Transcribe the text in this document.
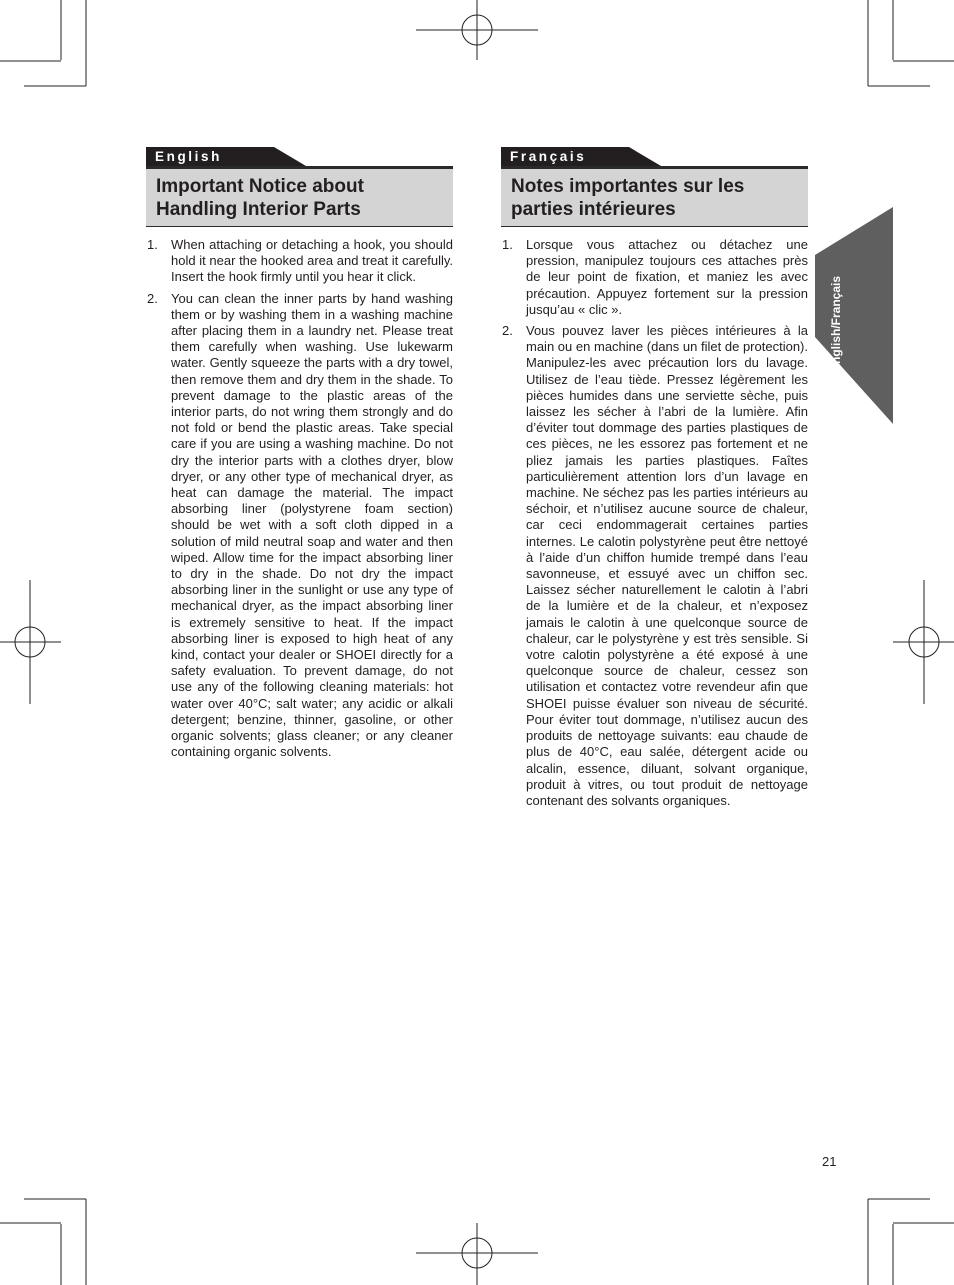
English
Important Notice about Handling Interior Parts
1. When attaching or detaching a hook, you should hold it near the hooked area and treat it carefully. Insert the hook firmly until you hear it click.
2. You can clean the inner parts by hand washing them or by washing them in a washing machine after placing them in a laundry net. Please treat them carefully when washing. Use lukewarm water. Gently squeeze the parts with a dry towel, then remove them and dry them in the shade. To prevent damage to the plastic areas of the interior parts, do not wring them strongly and do not fold or bend the plastic areas. Take special care if you are using a washing machine. Do not dry the interior parts with a clothes dryer, blow dryer, or any other type of mechanical dryer, as heat can damage the material. The impact absorbing liner (polystyrene foam section) should be wet with a soft cloth dipped in a solution of mild neutral soap and water and then wiped. Allow time for the impact absorbing liner to dry in the shade. Do not dry the impact absorbing liner in the sunlight or use any type of mechanical dryer, as the impact absorbing liner is extremely sensitive to heat. If the impact absorbing liner is exposed to high heat of any kind, contact your dealer or SHOEI directly for a safety evaluation. To prevent damage, do not use any of the following cleaning materials: hot water over 40°C; salt water; any acidic or alkali detergent; benzine, thinner, gasoline, or other organic solvents; glass cleaner; or any cleaner containing organic solvents.
Français
Notes importantes sur les parties intérieures
1. Lorsque vous attachez ou détachez une pression, manipulez toujours ces attaches près de leur point de fixation, et maniez les avec précaution. Appuyez fortement sur la pression jusqu’au « clic ».
2. Vous pouvez laver les pièces intérieures à la main ou en machine (dans un filet de protection). Manipulez-les avec précaution lors du lavage. Utilisez de l’eau tiède. Pressez légèrement les pièces humides dans une serviette sèche, puis laissez les sécher à l’abri de la lumière. Afin d’éviter tout dommage des parties plastiques de ces pièces, ne les essorez pas fortement et ne pliez jamais les parties plastiques. Faîtes particulièrement attention lors d’un lavage en machine. Ne séchez pas les parties intérieurs au séchoir, et n’utilisez aucune source de chaleur, car ceci endommagerait certaines parties internes. Le calotin polystyrène peut être nettoyé à l’aide d’un chiffon humide trempé dans l’eau savonneuse, et essuyé avec un chiffon sec. Laissez sécher naturellement le calotin à l’abri de la lumière et de la chaleur, et n’exposez jamais le calotin à une quelconque source de chaleur, car le polystyrène y est très sensible. Si votre calotin polystyrène a été exposé à une quelconque source de chaleur, cessez son utilisation et contactez votre revendeur afin que SHOEI puisse évaluer son niveau de sécurité. Pour éviter tout dommage, n’utilisez aucun des produits de nettoyage suivants: eau chaude de plus de 40°C, eau salée, détergent acide ou alcalin, essence, diluant, solvant organique, produit à vitres, ou tout produit de nettoyage contenant des solvants organiques.
English/Français
21
